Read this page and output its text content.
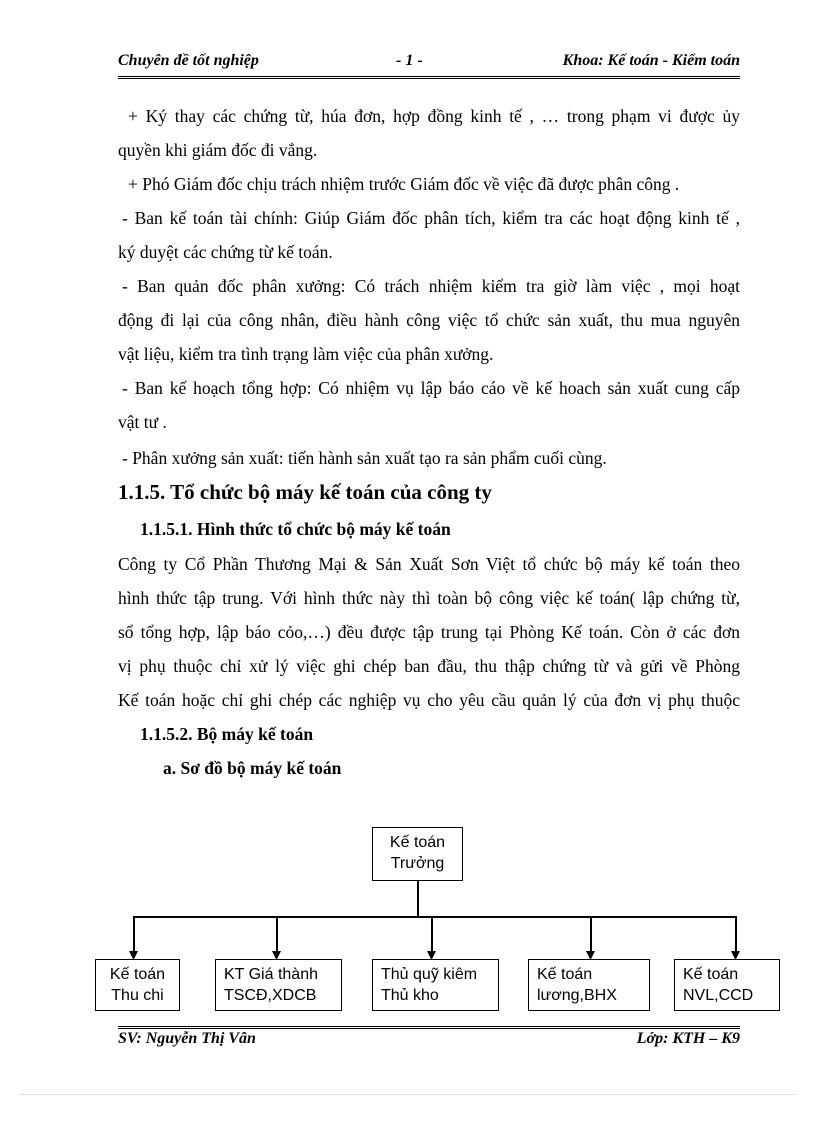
Chuyên đề tốt nghiệp	- 1 -	Khoa: Kế toán - Kiểm toán
+ Ký thay các chứng từ, húa đơn, hợp đồng kinh tế , … trong phạm vi được ủy
quyền khi giám đốc đi vắng.
+ Phó Giám đốc chịu trách nhiệm trước Giám đốc về việc đã được phân công .
- Ban kế toán tài chính: Giúp Giám đốc phân tích, kiểm tra các hoạt động kinh tế ,
ký duyệt các chứng từ kế toán.
- Ban quản đốc phân xưởng: Có trách nhiệm kiểm tra giờ làm việc , mọi hoạt
động đi lại của công nhân, điều hành công việc tổ chức sản xuất, thu mua nguyên
vật liệu, kiểm tra tình trạng làm việc của phân xưởng.
- Ban kế hoạch tổng hợp: Có nhiệm vụ lập báo cáo về kế hoach sản xuất cung cấp
vật tư .
- Phân xưởng sản xuất: tiến hành sản xuất tạo ra sản phẩm cuối cùng.
1.1.5. Tổ chức bộ máy kế toán của công ty
1.1.5.1. Hình thức tổ chức bộ máy kế toán
Công ty Cổ Phần Thương Mại & Sản Xuất Sơn Việt tổ chức bộ máy kế toán theo
hình thức tập trung. Với hình thức này thì toàn bộ công việc kế toán( lập chứng từ,
sổ tổng hợp, lập báo cỏo,…) đều được tập trung tại Phòng Kế toán. Còn ở các đơn
vị phụ thuộc chỉ xử lý việc ghi chép ban đầu, thu thập chứng từ và gửi về Phòng
Kế toán hoặc chỉ ghi chép các nghiệp vụ cho yêu cầu quản lý của đơn vị phụ thuộc
1.1.5.2. Bộ máy kế toán
a. Sơ đồ bộ máy kế toán
Kế toán
Trưởng
Kế toán
Thu chi
KT Giá thành
TSCĐ,XDCB
Thủ quỹ kiêm
Thủ kho
Kế toán
lương,BHX
Kế toán
NVL,CCD
SV: Nguyễn Thị Vân	Lớp: KTH – K9
